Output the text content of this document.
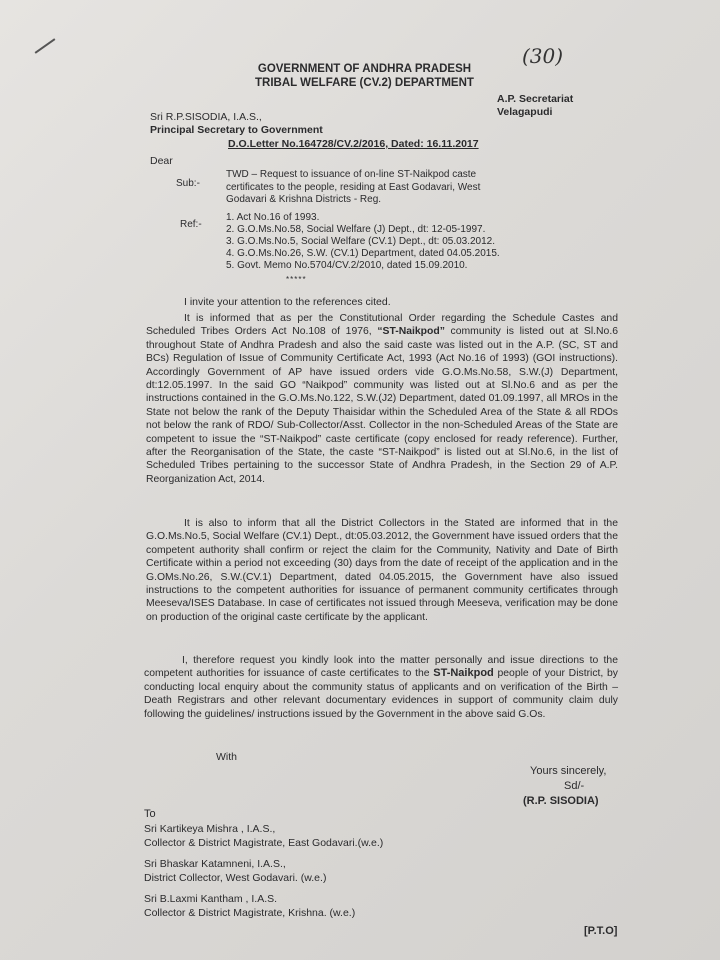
(30)
GOVERNMENT OF ANDHRA PRADESH
TRIBAL WELFARE (CV.2) DEPARTMENT
Sri R.P.SISODIA, I.A.S.,
Principal Secretary to Government
A.P. Secretariat
Velagapudi
D.O.Letter No.164728/CV.2/2016, Dated: 16.11.2017
Dear
Sub:-
TWD – Request to issuance of on-line ST-Naikpod caste
certificates to the people, residing at East Godavari, West
Godavari & Krishna Districts - Reg.
Ref:-
1. Act No.16 of 1993.
2. G.O.Ms.No.58, Social Welfare (J) Dept., dt: 12-05-1997.
3. G.O.Ms.No.5, Social Welfare (CV.1) Dept., dt: 05.03.2012.
4. G.O.Ms.No.26, S.W. (CV.1) Department, dated 04.05.2015.
5. Govt. Memo No.5704/CV.2/2010, dated 15.09.2010.
*****
I invite your attention to the references cited.
It is informed that as per the Constitutional Order regarding the Schedule Castes and Scheduled Tribes Orders Act No.108 of 1976, “ST-Naikpod” community is listed out at Sl.No.6 throughout State of Andhra Pradesh and also the said caste was listed out in the A.P. (SC, ST and BCs) Regulation of Issue of Community Certificate Act, 1993 (Act No.16 of 1993) (GOI instructions). Accordingly Government of AP have issued orders vide G.O.Ms.No.58, S.W.(J) Department, dt:12.05.1997. In the said GO “Naikpod” community was listed out at Sl.No.6 and as per the instructions contained in the G.O.Ms.No.122, S.W.(J2) Department, dated 01.09.1997, all MROs in the State not below the rank of the Deputy Thaisidar within the Scheduled Area of the State & all RDOs not below the rank of RDO/ Sub-Collector/Asst. Collector in the non-Scheduled Areas of the State are competent to issue the “ST-Naikpod” caste certificate (copy enclosed for ready reference). Further, after the Reorganisation of the State, the caste “ST-Naikpod” is listed out at Sl.No.6, in the list of Scheduled Tribes pertaining to the successor State of Andhra Pradesh, in the Section 29 of A.P. Reorganization Act, 2014.
It is also to inform that all the District Collectors in the Stated are informed that in the G.O.Ms.No.5, Social Welfare (CV.1) Dept., dt:05.03.2012, the Government have issued orders that the competent authority shall confirm or reject the claim for the Community, Nativity and Date of Birth Certificate within a period not exceeding (30) days from the date of receipt of the application and in the G.OMs.No.26, S.W.(CV.1) Department, dated 04.05.2015, the Government have also issued instructions to the competent authorities for issuance of permanent community certificates through Meeseva/ISES Database. In case of certificates not issued through Meeseva, verification may be done on production of the original caste certificate by the applicant.
I, therefore request you kindly look into the matter personally and issue directions to the competent authorities for issuance of caste certificates to the ST-Naikpod people of your District, by conducting local enquiry about the community status of applicants and on verification of the Birth – Death Registrars and other relevant documentary evidences in support of community claim duly following the guidelines/ instructions issued by the Government in the above said G.Os.
With
Yours sincerely,
Sd/-
(R.P. SISODIA)
To
Sri Kartikeya Mishra , I.A.S.,
Collector & District Magistrate, East Godavari.(w.e.)
Sri Bhaskar Katamneni, I.A.S.,
District Collector, West Godavari. (w.e.)
Sri B.Laxmi Kantham , I.A.S.
Collector & District Magistrate, Krishna. (w.e.)
[P.T.O]
